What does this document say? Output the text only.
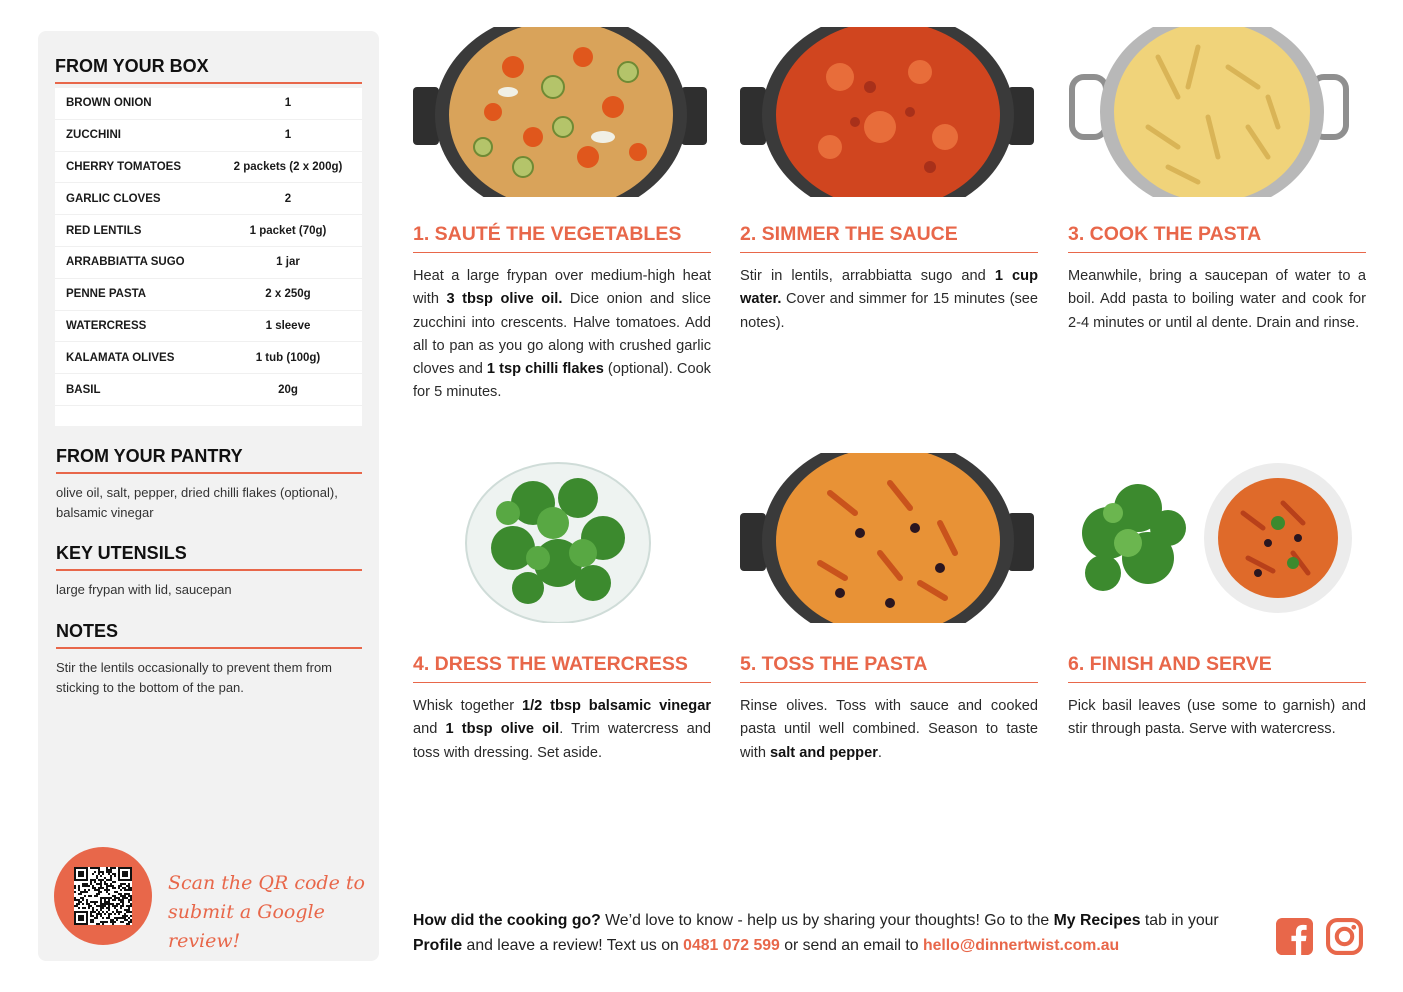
FROM YOUR BOX
BROWN ONION	1
ZUCCHINI	1
CHERRY TOMATOES	2 packets (2 x 200g)
GARLIC CLOVES	2
RED LENTILS	1 packet (70g)
ARRABBIATTA SUGO	1 jar
PENNE PASTA	2 x 250g
WATERCRESS	1 sleeve
KALAMATA OLIVES	1 tub (100g)
BASIL	20g
FROM YOUR PANTRY
olive oil, salt, pepper, dried chilli flakes (optional), balsamic vinegar
KEY UTENSILS
large frypan with lid, saucepan
NOTES
Stir the lentils occasionally to prevent them from sticking to the bottom of the pan.
Scan the QR code to
submit a Google review!
1. SAUTÉ THE VEGETABLES
Heat a large frypan over medium-high heat with 3 tbsp olive oil. Dice onion and slice zucchini into crescents. Halve tomatoes. Add all to pan as you go along with crushed garlic cloves and 1 tsp chilli flakes (optional). Cook for 5 minutes.
2. SIMMER THE SAUCE
Stir in lentils, arrabbiatta sugo and 1 cup water. Cover and simmer for 15 minutes (see notes).
3. COOK THE PASTA
Meanwhile, bring a saucepan of water to a boil. Add pasta to boiling water and cook for 2-4 minutes or until al dente. Drain and rinse.
4. DRESS THE WATERCRESS
Whisk together 1/2 tbsp balsamic vinegar and 1 tbsp olive oil. Trim watercress and toss with dressing. Set aside.
5. TOSS THE PASTA
Rinse olives. Toss with sauce and cooked pasta until well combined. Season to taste with salt and pepper.
6. FINISH AND SERVE
Pick basil leaves (use some to garnish) and stir through pasta. Serve with watercress.
How did the cooking go? We’d love to know - help us by sharing your thoughts! Go to the My Recipes tab in your Profile and leave a review! Text us on 0481 072 599 or send an email to hello@dinnertwist.com.au
